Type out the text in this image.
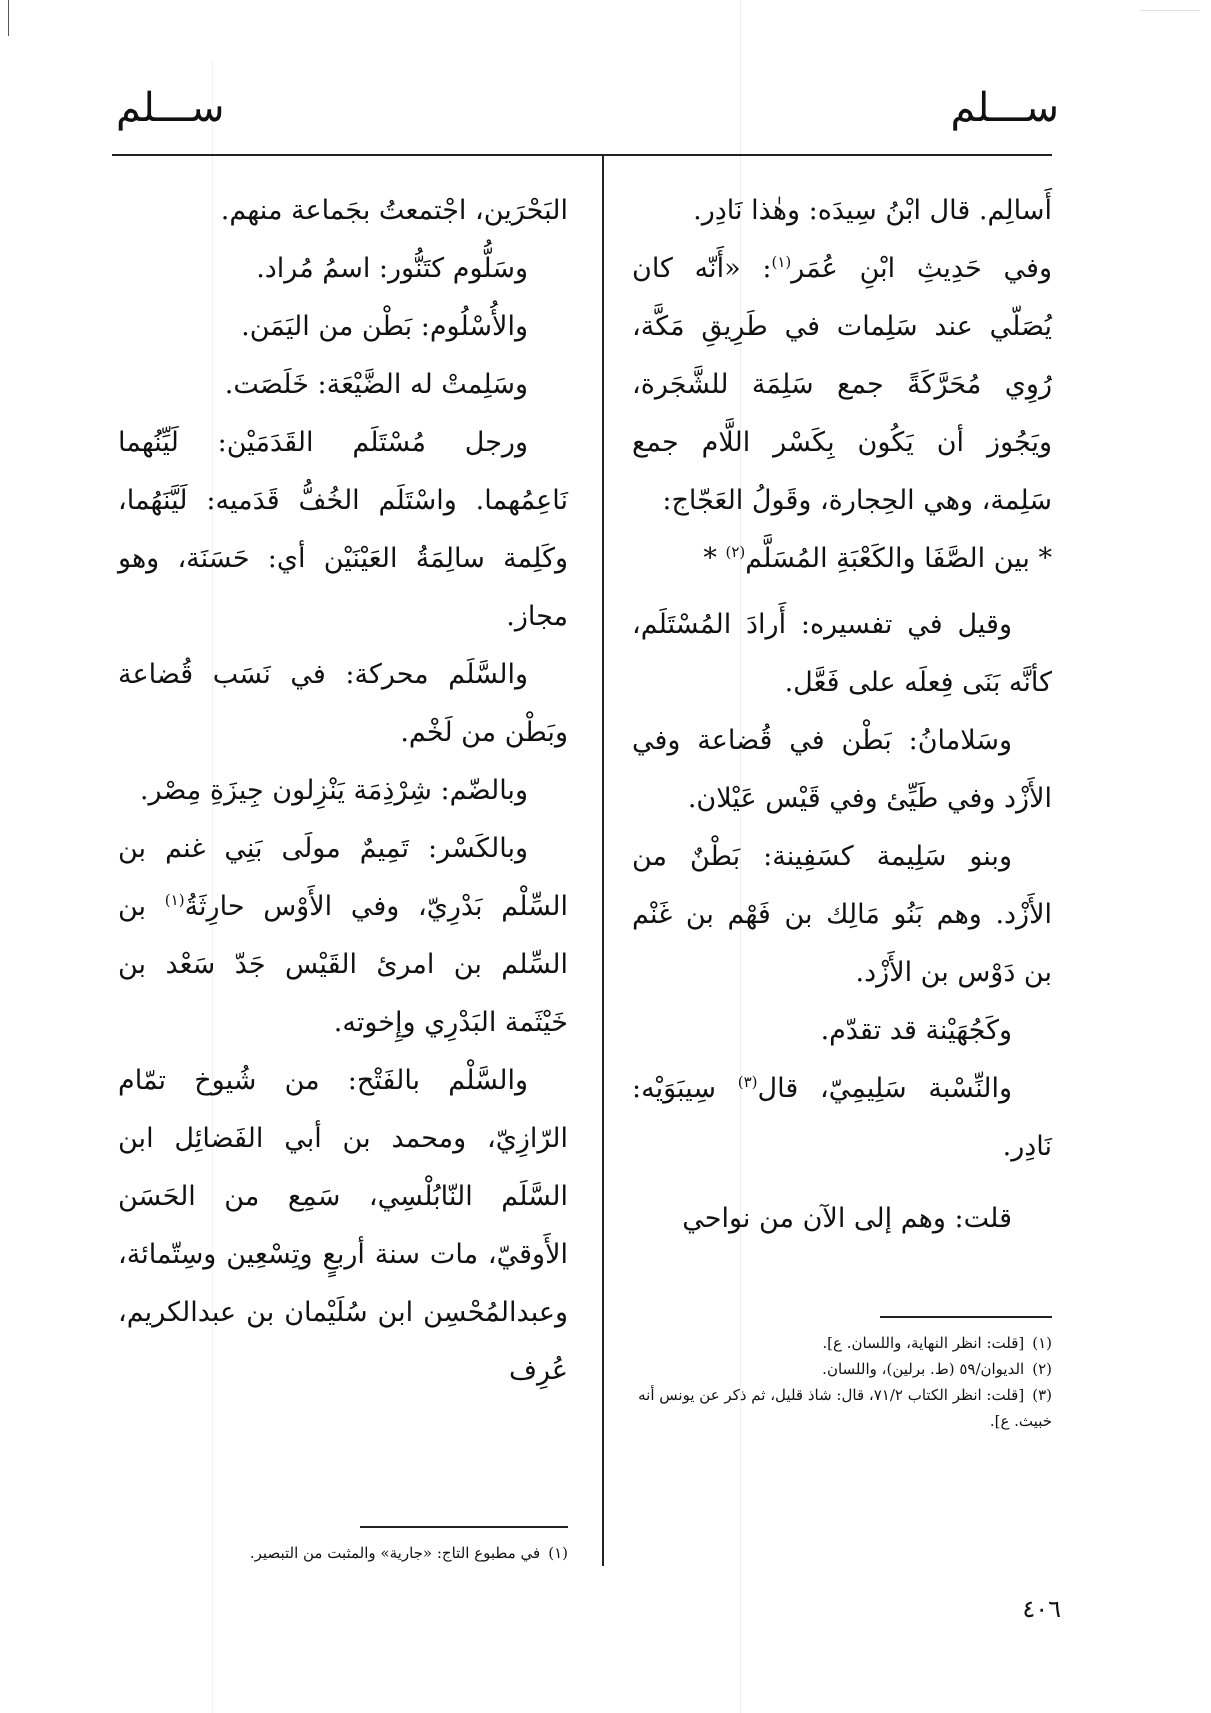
ســـلم
ســـلم

أَسالِم. قال ابْنُ سِيدَه: وهٰذا نَادِر.

وفي حَدِيثِ ابْنِ عُمَر$^{(١)}$: «أَنّه كان يُصَلّي عند سَلِمات في طَرِيقِ مَكَّة، رُوِي مُحَرَّكَةً جمع سَلِمَة للشَّجَرة، ويَجُوز أن يَكُون بِكَسْر اللَّام جمع سَلِمة، وهي الحِجارة، وقَولُ العَجّاج:

* بين الصَّفَا والكَعْبَةِ المُسَلَّم$^{(٢)}$ *

وقيل في تفسيره: أَرادَ المُسْتَلَم، كأنَّه بَنَى فِعلَه على فَعَّل.

وسَلامانُ: بَطْن في قُضاعة وفي الأَزْد وفي طَيِّئ وفي قَيْس عَيْلان.

وبنو سَلِيمة كسَفِينة: بَطْنٌ من الأَزْد. وهم بَنُو مَالِك بن فَهْم بن غَنْم بن دَوْس بن الأَزْد.

وكَجُهَيْنة قد تقدّم.

والنِّسْبة سَلِيمِيّ، قال$^{(٣)}$ سِيبَوَيْه: نَادِر.

قلت: وهم إلى الآن من نواحي

البَحْرَين، اجْتمعتُ بجَماعة منهم.

وسَلُّوم كتَنُّور: اسمُ مُراد.

والأُسْلُوم: بَطْن من اليَمَن.

وسَلِمتْ له الضَّيْعَة: خَلَصَت.

ورجل مُسْتَلَم القَدَمَيْن: لَيِّنُهما نَاعِمُهما. واسْتَلَم الخُفُّ قَدَميه: لَيَّنَهُما، وكَلِمة سالِمَةُ العَيْنَيْن أي: حَسَنَة، وهو مجاز.

والسَّلَم محركة: في نَسَب قُضاعة وبَطْن من لَخْم.

وبالضّم: شِرْذِمَة يَنْزِلون جِيزَةِ مِصْر.

وبالكَسْر: تَمِيمٌ مولَى بَنِي غنم بن السِّلْم بَدْرِيّ، وفي الأَوْس حارِثَةُ$^{(١)}$ بن السِّلم بن امرئ القَيْس جَدّ سَعْد بن خَيْثَمة البَدْرِي وإِخوته.

والسَّلْم بالفَتْح: من شُيوخ تمّام الرّازِيّ، ومحمد بن أبي الفَضائِل ابن السَّلَم النّابُلْسِي، سَمِع من الحَسَن الأَوقيّ، مات سنة أربعٍ وتِسْعِين وسِتّمائة، وعبدالمُحْسِن ابن سُلَيْمان بن عبدالكريم، عُرِف

(١)[قلت: انظر النهاية، واللسان. ع].

(٢)الديوان/٥٩ (ط. برلين)، واللسان.

(٣)[قلت: انظر الكتاب ٧١/٢، قال: شاذ قليل، ثم ذكر عن يونس أنه خبيث. ع].

(١)في مطبوع التاج: «جارية» والمثبت من التبصير.

٤٠٦
